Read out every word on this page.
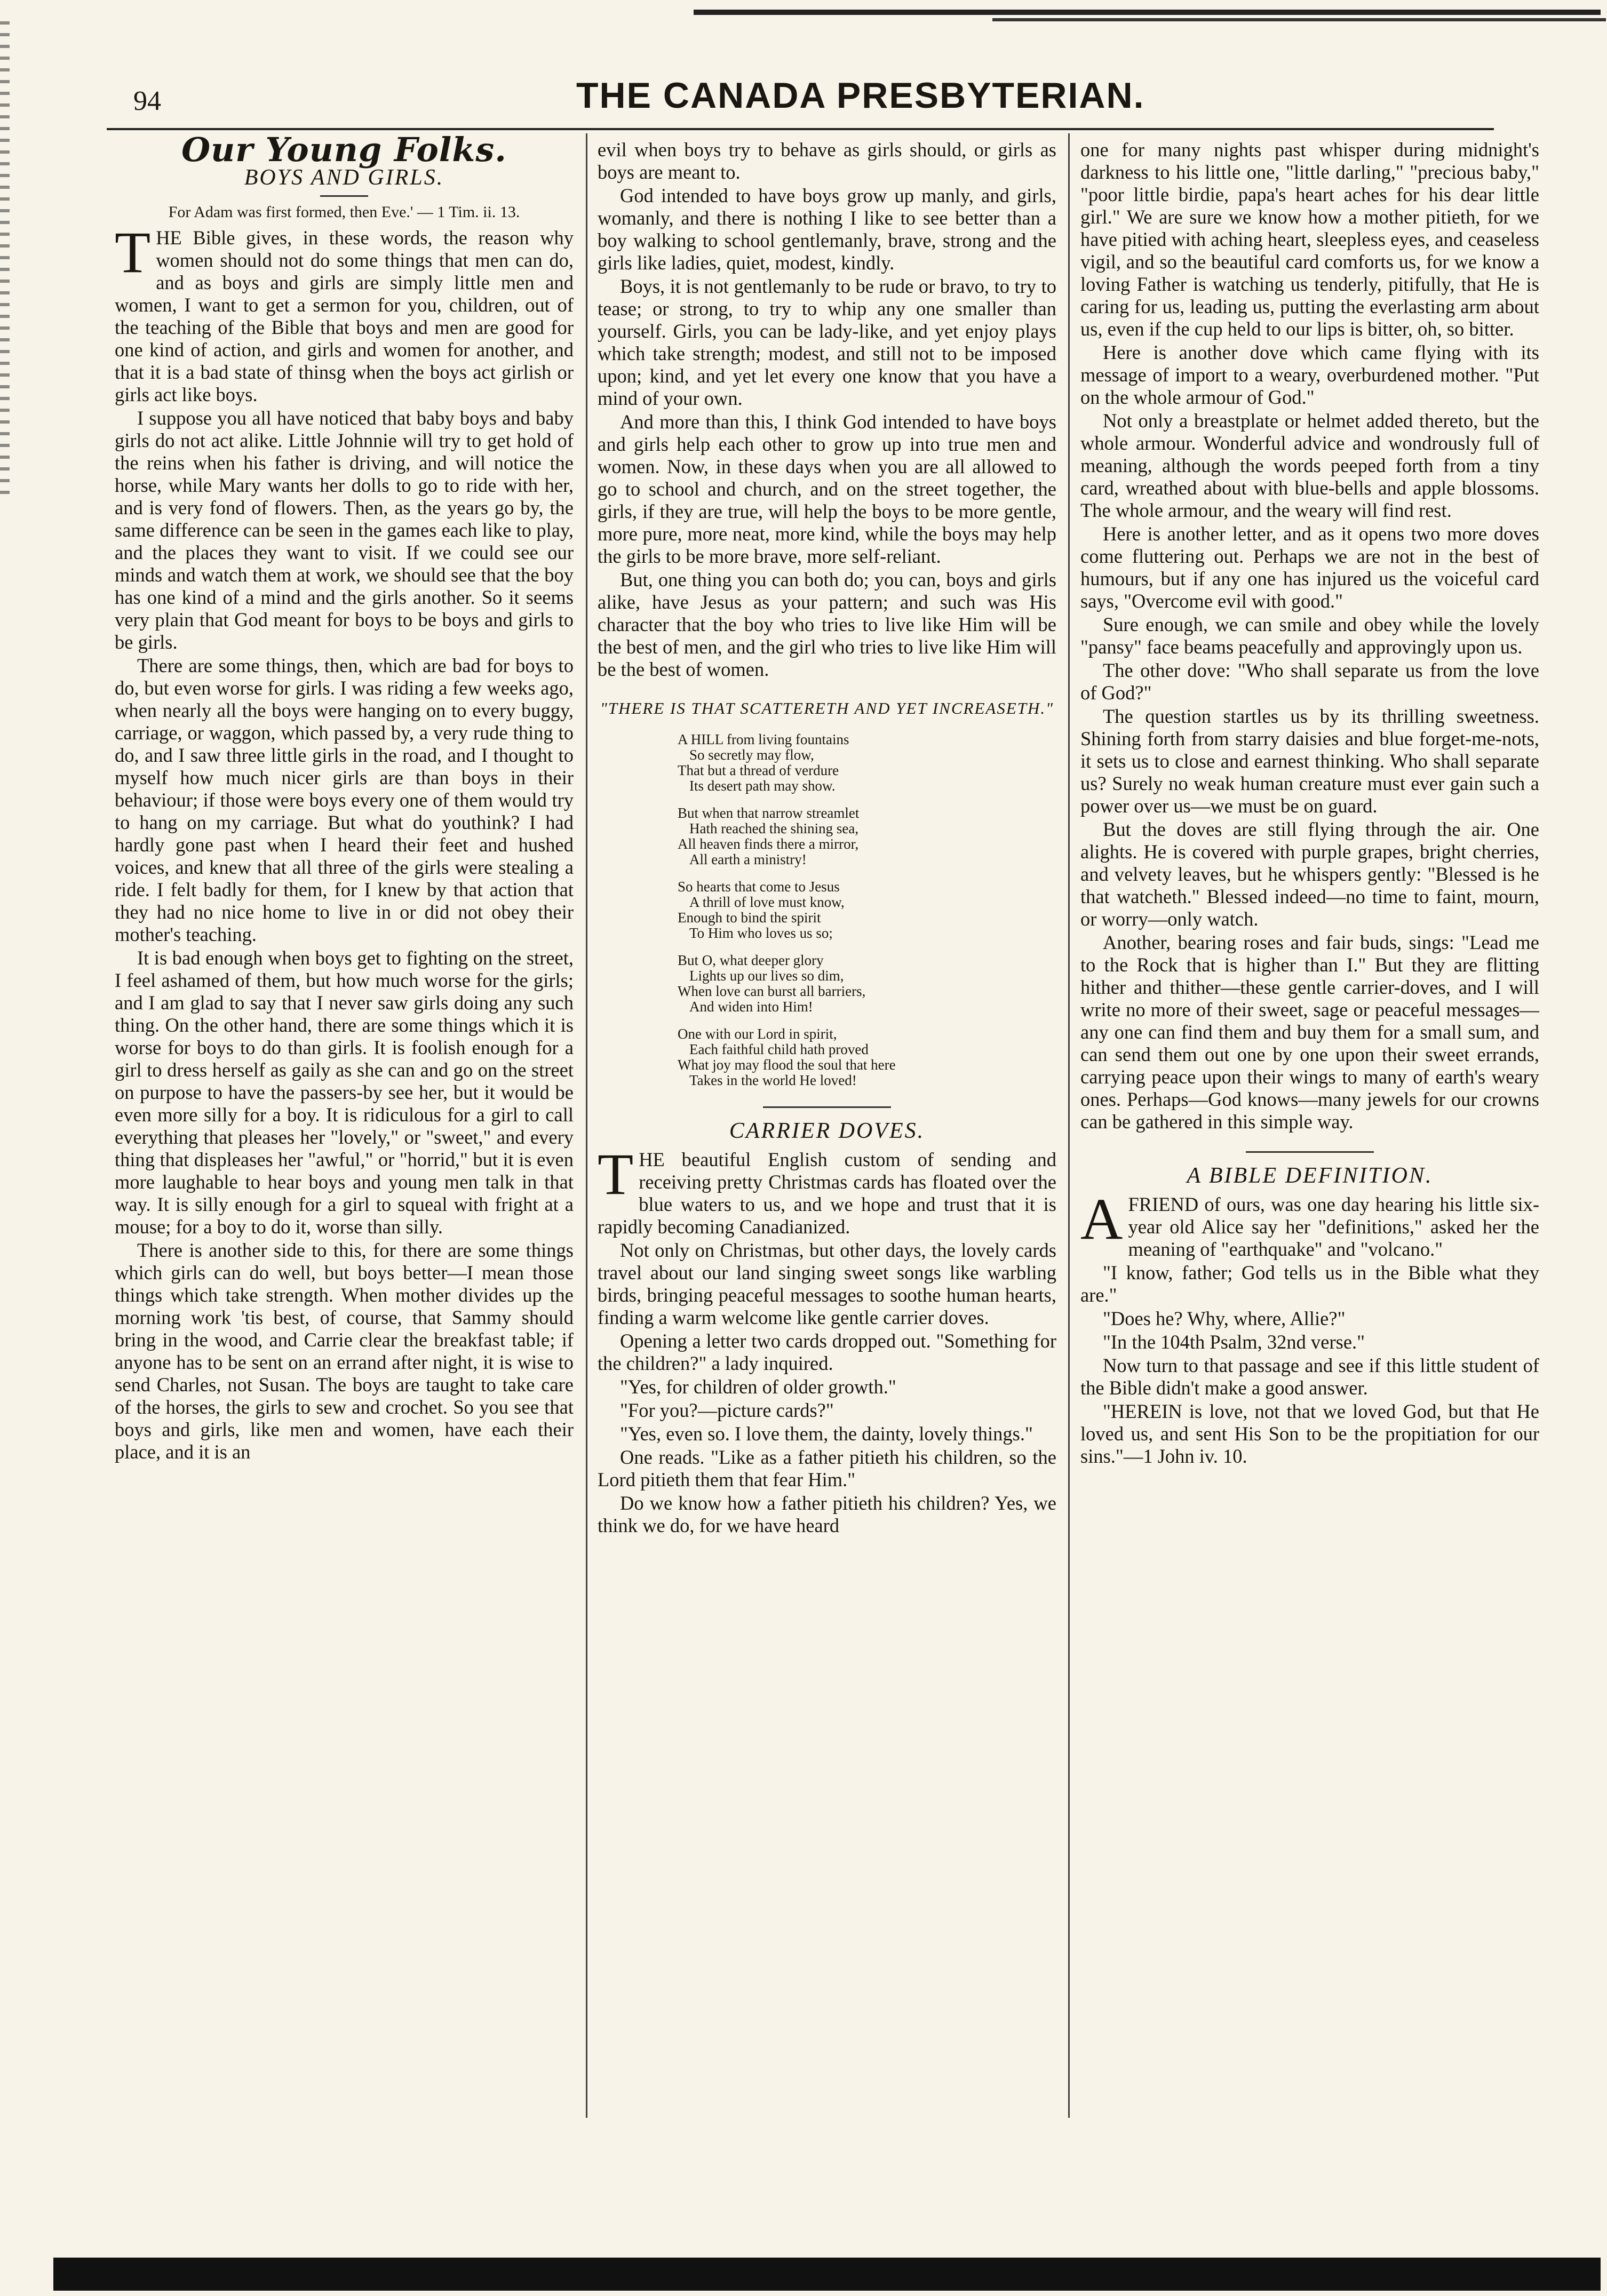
94	THE CANADA PRESBYTERIAN.
Our Young Folks.
BOYS AND GIRLS.
For Adam was first formed, then Eve.' — 1 Tim. ii. 13.

THE Bible gives, in these words, the reason why women should not do some things that men can do, and as boys and girls are simply little men and women, I want to get a sermon for you, children, out of the teaching of the Bible that boys and men are good for one kind of action, and girls and women for another, and that it is a bad state of thinsg when the boys act girlish or girls act like boys.

I suppose you all have noticed that baby boys and baby girls do not act alike. Little Johnnie will try to get hold of the reins when his father is driving, and will notice the horse, while Mary wants her dolls to go to ride with her, and is very fond of flowers. Then, as the years go by, the same difference can be seen in the games each like to play, and the places they want to visit. If we could see our minds and watch them at work, we should see that the boy has one kind of a mind and the girls another. So it seems very plain that God meant for boys to be boys and girls to be girls.

There are some things, then, which are bad for boys to do, but even worse for girls. I was riding a few weeks ago, when nearly all the boys were hanging on to every buggy, carriage, or waggon, which passed by, a very rude thing to do, and I saw three little girls in the road, and I thought to myself how much nicer girls are than boys in their behaviour; if those were boys every one of them would try to hang on my carriage. But what do youthink? I had hardly gone past when I heard their feet and hushed voices, and knew that all three of the girls were stealing a ride. I felt badly for them, for I knew by that action that they had no nice home to live in or did not obey their mother's teaching.

It is bad enough when boys get to fighting on the street, I feel ashamed of them, but how much worse for the girls; and I am glad to say that I never saw girls doing any such thing. On the other hand, there are some things which it is worse for boys to do than girls. It is foolish enough for a girl to dress herself as gaily as she can and go on the street on purpose to have the passers-by see her, but it would be even more silly for a boy. It is ridiculous for a girl to call everything that pleases her "lovely," or "sweet," and every thing that displeases her "awful," or "horrid," but it is even more laughable to hear boys and young men talk in that way. It is silly enough for a girl to squeal with fright at a mouse; for a boy to do it, worse than silly.

There is another side to this, for there are some things which girls can do well, but boys better—I mean those things which take strength. When mother divides up the morning work 'tis best, of course, that Sammy should bring in the wood, and Carrie clear the breakfast table; if anyone has to be sent on an errand after night, it is wise to send Charles, not Susan. The boys are taught to take care of the horses, the girls to sew and crochet. So you see that boys and girls, like men and women, have each their place, and it is an

evil when boys try to behave as girls should, or girls as boys are meant to.

God intended to have boys grow up manly, and girls, womanly, and there is nothing I like to see better than a boy walking to school gentlemanly, brave, strong and the girls like ladies, quiet, modest, kindly.

Boys, it is not gentlemanly to be rude or bravo, to try to tease; or strong, to try to whip any one smaller than yourself. Girls, you can be lady-like, and yet enjoy plays which take strength; modest, and still not to be imposed upon; kind, and yet let every one know that you have a mind of your own.

And more than this, I think God intended to have boys and girls help each other to grow up into true men and women. Now, in these days when you are all allowed to go to school and church, and on the street together, the girls, if they are true, will help the boys to be more gentle, more pure, more neat, more kind, while the boys may help the girls to be more brave, more self-reliant.

But, one thing you can both do; you can, boys and girls alike, have Jesus as your pattern; and such was His character that the boy who tries to live like Him will be the best of men, and the girl who tries to live like Him will be the best of women.

"THERE IS THAT SCATTERETH AND YET INCREASETH."
A HILL from living fountains
So secretly may flow,
That but a thread of verdure
Its desert path may show.
But when that narrow streamlet
Hath reached the shining sea,
All heaven finds there a mirror,
All earth a ministry!
So hearts that come to Jesus
A thrill of love must know,
Enough to bind the spirit
To Him who loves us so;
But O, what deeper glory
Lights up our lives so dim,
When love can burst all barriers,
And widen into Him!
One with our Lord in spirit,
Each faithful child hath proved
What joy may flood the soul that here
Takes in the world He loved!
CARRIER DOVES.

THE beautiful English custom of sending and receiving pretty Christmas cards has floated over the blue waters to us, and we hope and trust that it is rapidly becoming Canadianized.

Not only on Christmas, but other days, the lovely cards travel about our land singing sweet songs like warbling birds, bringing peaceful messages to soothe human hearts, finding a warm welcome like gentle carrier doves.

Opening a letter two cards dropped out. "Something for the children?" a lady inquired.

"Yes, for children of older growth."

"For you?—picture cards?"

"Yes, even so. I love them, the dainty, lovely things."

One reads. "Like as a father pitieth his children, so the Lord pitieth them that fear Him."

Do we know how a father pitieth his children? Yes, we think we do, for we have heard

one for many nights past whisper during midnight's darkness to his little one, "little darling," "precious baby," "poor little birdie, papa's heart aches for his dear little girl." We are sure we know how a mother pitieth, for we have pitied with aching heart, sleepless eyes, and ceaseless vigil, and so the beautiful card comforts us, for we know a loving Father is watching us tenderly, pitifully, that He is caring for us, leading us, putting the everlasting arm about us, even if the cup held to our lips is bitter, oh, so bitter.

Here is another dove which came flying with its message of import to a weary, overburdened mother. "Put on the whole armour of God."

Not only a breastplate or helmet added thereto, but the whole armour. Wonderful advice and wondrously full of meaning, although the words peeped forth from a tiny card, wreathed about with blue-bells and apple blossoms. The whole armour, and the weary will find rest.

Here is another letter, and as it opens two more doves come fluttering out. Perhaps we are not in the best of humours, but if any one has injured us the voiceful card says, "Overcome evil with good."

Sure enough, we can smile and obey while the lovely "pansy" face beams peacefully and approvingly upon us.

The other dove: "Who shall separate us from the love of God?"

The question startles us by its thrilling sweetness. Shining forth from starry daisies and blue forget-me-nots, it sets us to close and earnest thinking. Who shall separate us? Surely no weak human creature must ever gain such a power over us—we must be on guard.

But the doves are still flying through the air. One alights. He is covered with purple grapes, bright cherries, and velvety leaves, but he whispers gently: "Blessed is he that watcheth." Blessed indeed—no time to faint, mourn, or worry—only watch.

Another, bearing roses and fair buds, sings: "Lead me to the Rock that is higher than I." But they are flitting hither and thither—these gentle carrier-doves, and I will write no more of their sweet, sage or peaceful messages—any one can find them and buy them for a small sum, and can send them out one by one upon their sweet errands, carrying peace upon their wings to many of earth's weary ones. Perhaps—God knows—many jewels for our crowns can be gathered in this simple way.

A BIBLE DEFINITION.

AFRIEND of ours, was one day hearing his little six-year old Alice say her "definitions," asked her the meaning of "earthquake" and "volcano."

"I know, father; God tells us in the Bible what they are."

"Does he? Why, where, Allie?"

"In the 104th Psalm, 32nd verse."

Now turn to that passage and see if this little student of the Bible didn't make a good answer.

"HEREIN is love, not that we loved God, but that He loved us, and sent His Son to be the propitiation for our sins."—1 John iv. 10.
